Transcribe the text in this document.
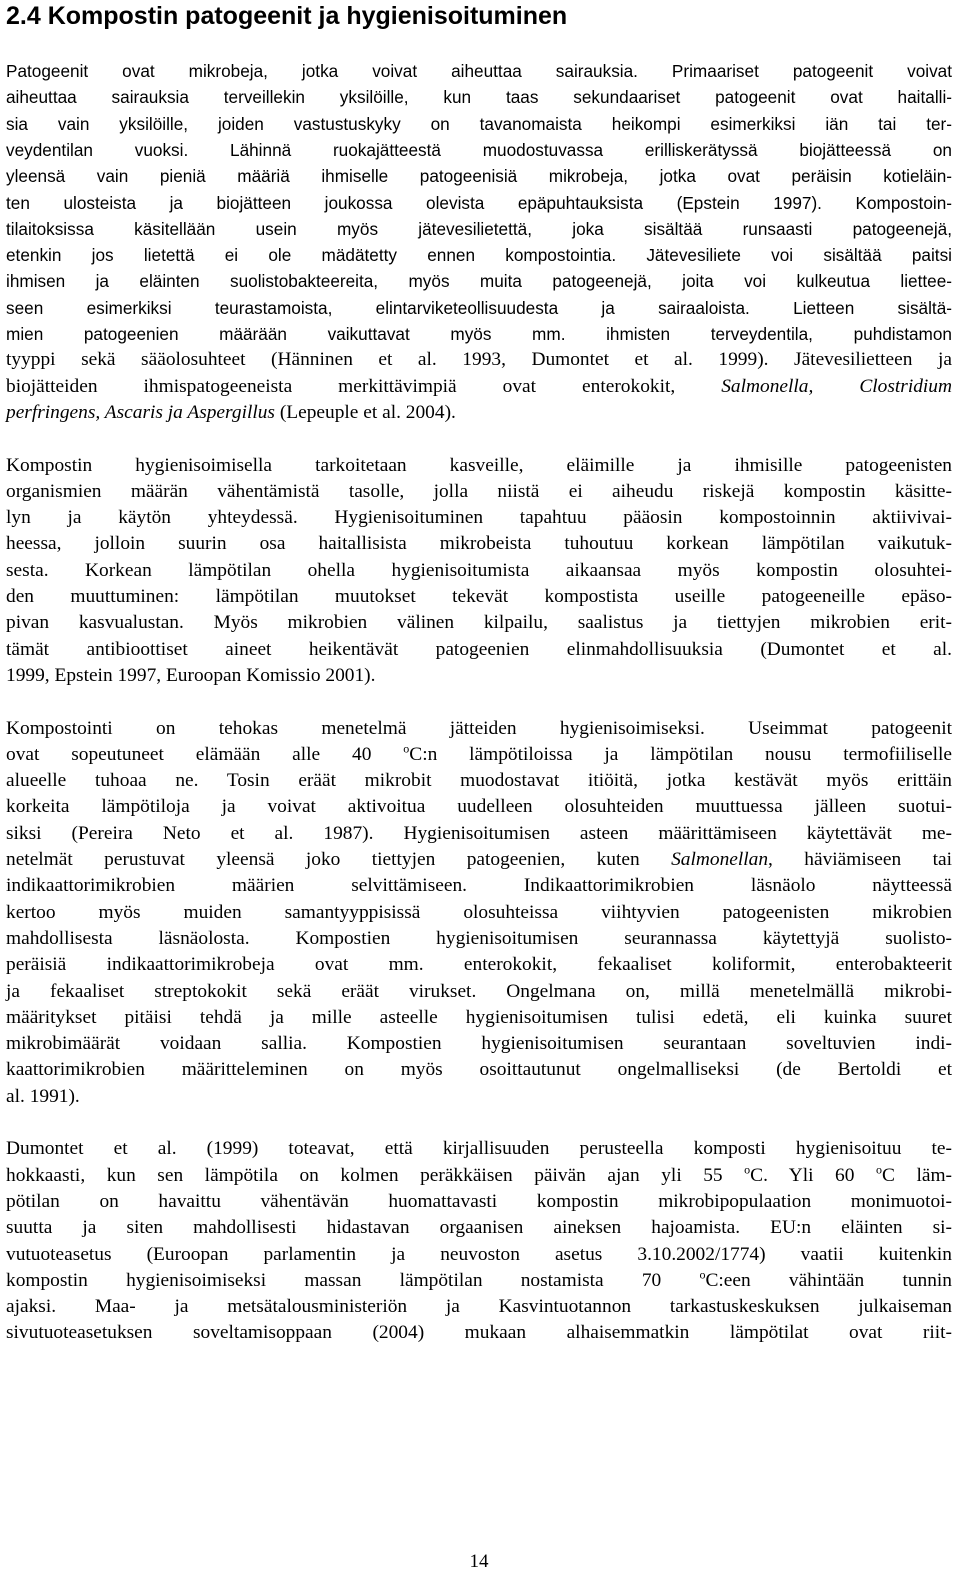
2.4 Kompostin patogeenit ja hygienisoituminen
Patogeenit ovat mikrobeja, jotka voivat aiheuttaa sairauksia. Primaariset patogeenit voivat
aiheuttaa sairauksia terveillekin yksilöille, kun taas sekundaariset patogeenit ovat haitalli-
sia vain yksilöille, joiden vastustuskyky on tavanomaista heikompi esimerkiksi iän tai ter-
veydentilan vuoksi. Lähinnä ruokajätteestä muodostuvassa erilliskerätyssä biojätteessä on
yleensä vain pieniä määriä ihmiselle patogeenisiä mikrobeja, jotka ovat peräisin kotieläin-
ten ulosteista ja biojätteen joukossa olevista epäpuhtauksista (Epstein 1997). Kompostoin-
tilaitoksissa käsitellään usein myös jätevesilietettä, joka sisältää runsaasti patogeenejä,
etenkin jos lietettä ei ole mädätetty ennen kompostointia. Jätevesiliete voi sisältää paitsi
ihmisen ja eläinten suolistobakteereita, myös muita patogeenejä, joita voi kulkeutua liettee-
seen esimerkiksi teurastamoista, elintarviketeollisuudesta ja sairaaloista. Lietteen sisältä-
mien patogeenien määrään vaikuttavat myös mm. ihmisten terveydentila, puhdistamon
tyyppi sekä sääolosuhteet (Hänninen et al. 1993, Dumontet et al. 1999). Jätevesilietteen ja
biojätteiden ihmispatogeeneista merkittävimpiä ovat enterokokit, Salmonella, Clostridium
perfringens, Ascaris ja Aspergillus (Lepeuple et al. 2004).
Kompostin hygienisoimisella tarkoitetaan kasveille, eläimille ja ihmisille patogeenisten
organismien määrän vähentämistä tasolle, jolla niistä ei aiheudu riskejä kompostin käsitte-
lyn ja käytön yhteydessä. Hygienisoituminen tapahtuu pääosin kompostoinnin aktiivivai-
heessa, jolloin suurin osa haitallisista mikrobeista tuhoutuu korkean lämpötilan vaikutuk-
sesta. Korkean lämpötilan ohella hygienisoitumista aikaansaa myös kompostin olosuhtei-
den muuttuminen: lämpötilan muutokset tekevät kompostista useille patogeeneille epäso-
pivan kasvualustan. Myös mikrobien välinen kilpailu, saalistus ja tiettyjen mikrobien erit-
tämät antibioottiset aineet heikentävät patogeenien elinmahdollisuuksia (Dumontet et al.
1999, Epstein 1997, Euroopan Komissio 2001).
Kompostointi on tehokas menetelmä jätteiden hygienisoimiseksi. Useimmat patogeenit
ovat sopeutuneet elämään alle 40 $^o$C:n lämpötiloissa ja lämpötilan nousu termofiiliselle
alueelle tuhoaa ne. Tosin eräät mikrobit muodostavat itiöitä, jotka kestävät myös erittäin
korkeita lämpötiloja ja voivat aktivoitua uudelleen olosuhteiden muuttuessa jälleen suotui-
siksi (Pereira Neto et al. 1987). Hygienisoitumisen asteen määrittämiseen käytettävät me-
netelmät perustuvat yleensä joko tiettyjen patogeenien, kuten Salmonellan, häviämiseen tai
indikaattorimikrobien määrien selvittämiseen. Indikaattorimikrobien läsnäolo näytteessä
kertoo myös muiden samantyyppisissä olosuhteissa viihtyvien patogeenisten mikrobien
mahdollisesta läsnäolosta. Kompostien hygienisoitumisen seurannassa käytettyjä suolisto-
peräisiä indikaattorimikrobeja ovat mm. enterokokit, fekaaliset koliformit, enterobakteerit
ja fekaaliset streptokokit sekä eräät virukset. Ongelmana on, millä menetelmällä mikrobi-
määritykset pitäisi tehdä ja mille asteelle hygienisoitumisen tulisi edetä, eli kuinka suuret
mikrobimäärät voidaan sallia. Kompostien hygienisoitumisen seurantaan soveltuvien indi-
kaattorimikrobien määritteleminen on myös osoittautunut ongelmalliseksi (de Bertoldi et
al. 1991).
Dumontet et al. (1999) toteavat, että kirjallisuuden perusteella komposti hygienisoituu te-
hokkaasti, kun sen lämpötila on kolmen peräkkäisen päivän ajan yli 55 $^o$C. Yli 60 $^o$C läm-
pötilan on havaittu vähentävän huomattavasti kompostin mikrobipopulaation monimuotoi-
suutta ja siten mahdollisesti hidastavan orgaanisen aineksen hajoamista. EU:n eläinten si-
vutuoteasetus (Euroopan parlamentin ja neuvoston asetus 3.10.2002/1774) vaatii kuitenkin
kompostin hygienisoimiseksi massan lämpötilan nostamista 70 $^o$C:een vähintään tunnin
ajaksi. Maa- ja metsätalousministeriön ja Kasvintuotannon tarkastuskeskuksen julkaiseman
sivutuoteasetuksen soveltamisoppaan (2004) mukaan alhaisemmatkin lämpötilat ovat riit-
14
